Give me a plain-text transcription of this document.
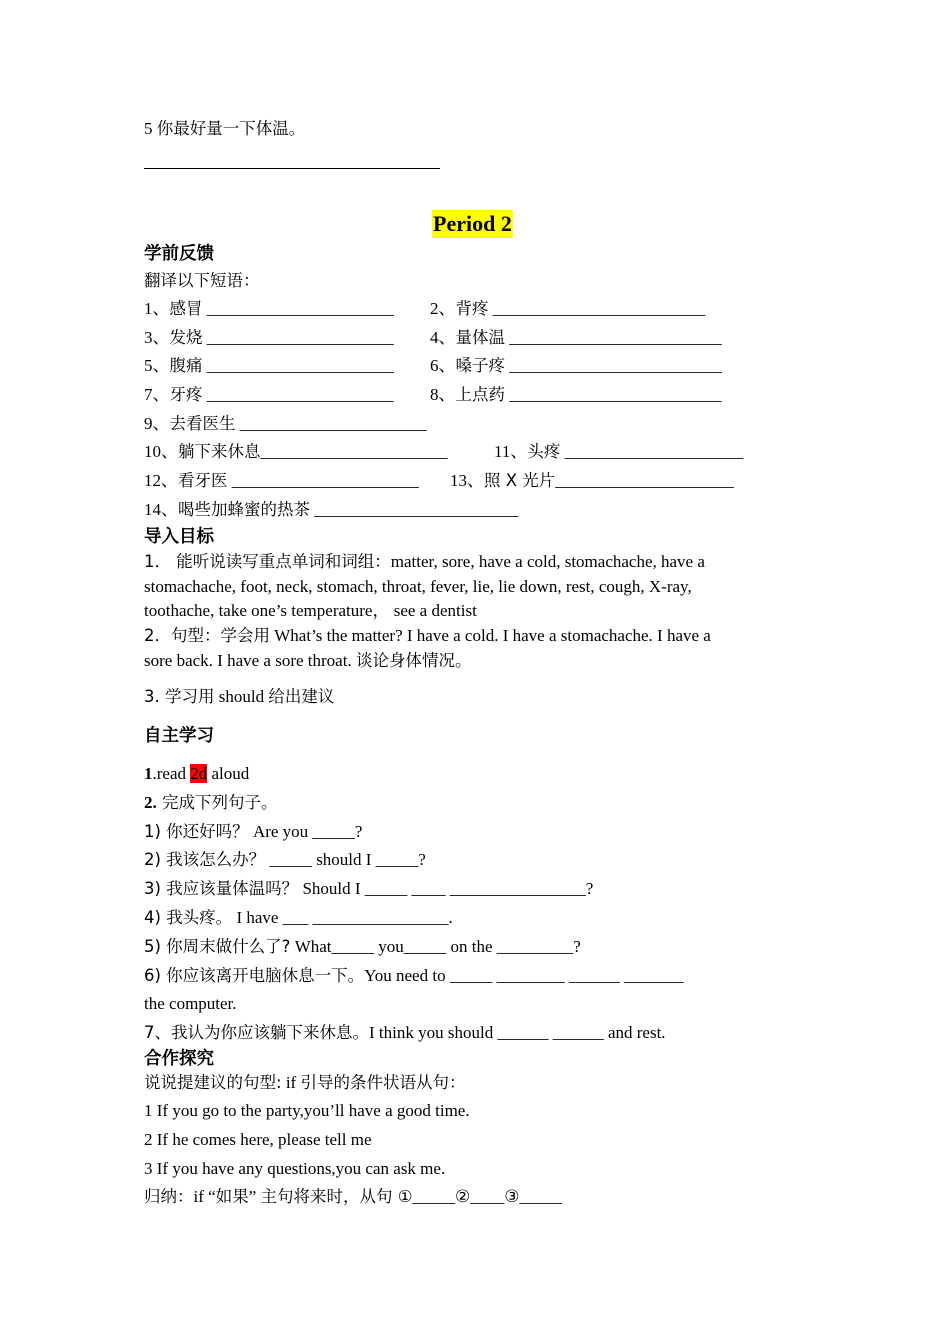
5 你最好量一下体温。
Period 2
学前反馈
翻译以下短语：
1、感冒 ______________________ 2、背疼 _________________________
3、发烧 ______________________ 4、量体温 _________________________
5、腹痛 ______________________ 6、嗓子疼 _________________________
7、牙疼 ______________________ 8、上点药 _________________________
9、去看医生 ______________________
10、躺下来休息______________________	11、头疼 _____________________
12、看牙医 ______________________ 13、照 X 光片_____________________
14、喝些加蜂蜜的热茶 ________________________
导入目标
1． 能听说读写重点单词和词组：matter, sore, have a cold, stomachache, have a
stomachache, foot, neck, stomach, throat, fever, lie, lie down, rest, cough, X-ray,
toothache, take one’s temperature， see a dentist
2．句型：学会用 What’s the matter? I have a cold. I have a stomachache. I have a
sore back. I have a sore throat. 谈论身体情况。
3. 学习用 should 给出建议
自主学习
1.read 2d aloud
2. 完成下列句子。
1) 你还好吗？ Are you _____?
2) 我该怎么办？ _____ should I _____?
3) 我应该量体温吗？ Should I _____ ____ ________________?
4) 我头疼。 I have ___ ________________.
5) 你周末做什么了? What_____ you_____ on the _________?
6) 你应该离开电脑休息一下。You need to _____ ________ ______ _______
the computer.
7、我认为你应该躺下来休息。I think you should ______ ______ and rest.
合作探究
说说提建议的句型: if 引导的条件状语从句：
1 If you go to the party,you’ll have a good time.
2 If he comes here, please tell me
3 If you have any questions,you can ask me.
归纳：if “如果” 主句将来时，从句 ①_____②____③_____
